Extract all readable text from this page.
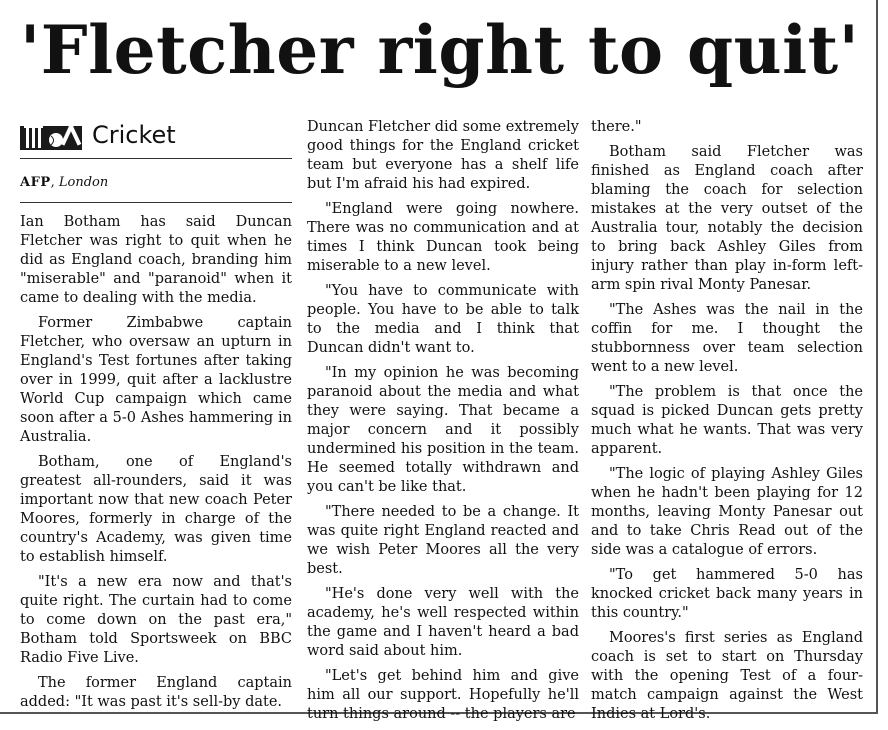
'Fletcher right to quit'
Cricket
AFP, London

Ian Botham has said Duncan Fletcher was right to quit when he did as England coach, branding him "miserable" and "paranoid" when it came to dealing with the media.

Former Zimbabwe captain Fletcher, who oversaw an upturn in England's Test fortunes after taking over in 1999, quit after a lacklustre World Cup campaign which came soon after a 5-0 Ashes hammering in Australia.

Botham, one of England's greatest all-rounders, said it was important now that new coach Peter Moores, formerly in charge of the country's Academy, was given time to establish himself.

"It's a new era now and that's quite right. The curtain had to come to come down on the past era," Botham told Sportsweek on BBC Radio Five Live.

The former England captain added: "It was past it's sell-by date.

Duncan Fletcher did some extremely good things for the England cricket team but everyone has a shelf life but I'm afraid his had expired.

"England were going nowhere. There was no communication and at times I think Duncan took being miserable to a new level.

"You have to communicate with people. You have to be able to talk to the media and I think that Duncan didn't want to.

"In my opinion he was becoming paranoid about the media and what they were saying. That became a major concern and it possibly undermined his position in the team. He seemed totally withdrawn and you can't be like that.

"There needed to be a change. It was quite right England reacted and we wish Peter Moores all the very best.

"He's done very well with the academy, he's well respected within the game and I haven't heard a bad word said about him.

"Let's get behind him and give him all our support. Hopefully he'll turn things around -- the players are

there."

Botham said Fletcher was finished as England coach after blaming the coach for selection mistakes at the very outset of the Australia tour, notably the decision to bring back Ashley Giles from injury rather than play in-form left-arm spin rival Monty Panesar.

"The Ashes was the nail in the coffin for me. I thought the stubbornness over team selection went to a new level.

"The problem is that once the squad is picked Duncan gets pretty much what he wants. That was very apparent.

"The logic of playing Ashley Giles when he hadn't been playing for 12 months, leaving Monty Panesar out and to take Chris Read out of the side was a catalogue of errors.

"To get hammered 5-0 has knocked cricket back many years in this country."

Moores's first series as England coach is set to start on Thursday with the opening Test of a four-match campaign against the West Indies at Lord's.
